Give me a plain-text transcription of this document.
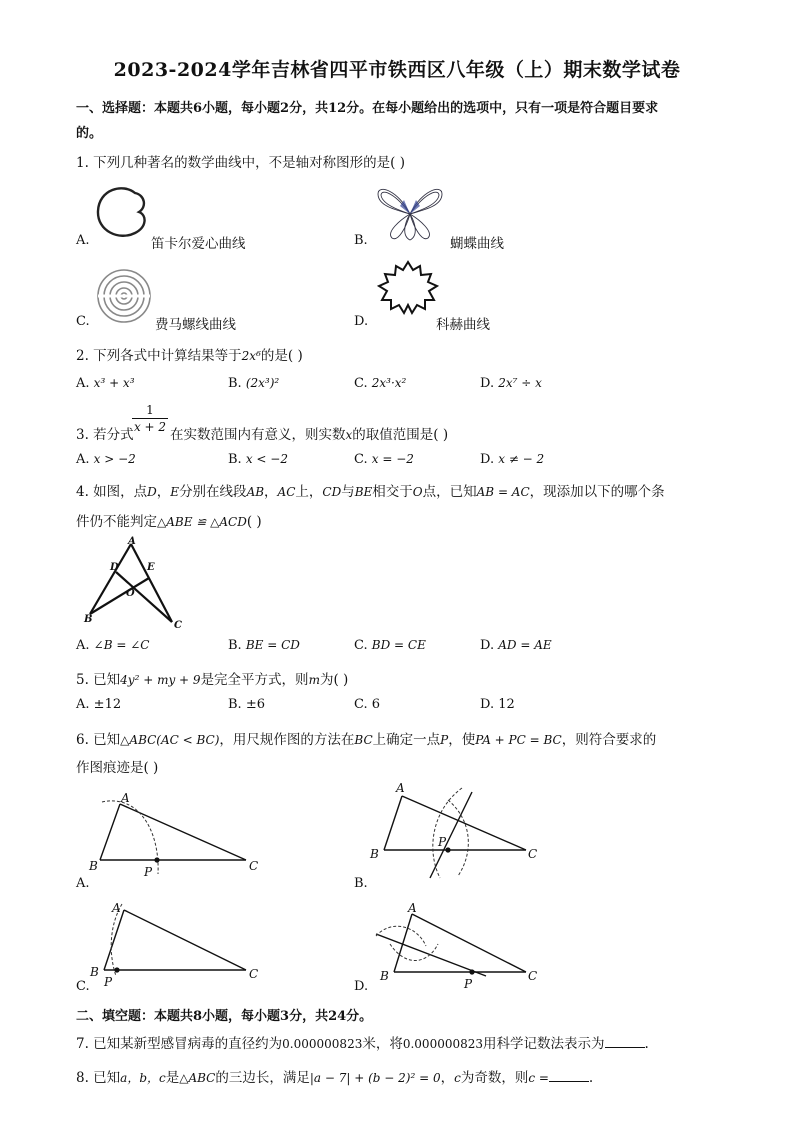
2023-2024学年吉林省四平市铁西区八年级（上）期末数学试卷
一、选择题：本题共6小题，每小题2分，共12分。在每小题给出的选项中，只有一项是符合题目要求
的。
1. 下列几种著名的数学曲线中，不是轴对称图形的是( )
A.	笛卡尔爱心曲线	B.	蝴蝶曲线
C.	费马螺线曲线	D.	科赫曲线
2. 下列各式中计算结果等于2x⁶的是( )
A. x³ + x³	B. (2x³)²	C. 2x³·x²	D. 2x⁷ ÷ x
3. 若分式
$\frac{1}{x + 2}$ 在实数范围内有意义，则实数x的取值范围是( )
A. x > −2	B. x < −2	C. x = −2	D. x ≠ − 2
4. 如图，点D，E分别在线段AB，AC上，CD与BE相交于O点，已知AB = AC，现添加以下的哪个条
件仍不能判定△ABE ≌ △ACD( )
A
D	E
O
B
C
A. ∠B = ∠C	B. BE = CD	C. BD = CE	D. AD = AE
5. 已知4y² + my + 9是完全平方式，则m为( )
A. ±12	B. ±6	C. 6	D. 12
6. 已知△ABC(AC < BC)，用尺规作图的方法在BC上确定一点P，使PA + PC = BC，则符合要求的
作图痕迹是( )
A.
A
B	C
P
B.
A
B	C
P
C.
A
B	C
P	D.
A
B	C
P
二、填空题：本题共8小题，每小题3分，共24分。
7. 已知某新型感冒病毒的直径约为0.000000823米，将0.000000823用科学记数法表示为	.
8. 已知a，b，c是△ABC的三边长，满足|a − 7| + (b − 2)² = 0，c为奇数，则c =	.
